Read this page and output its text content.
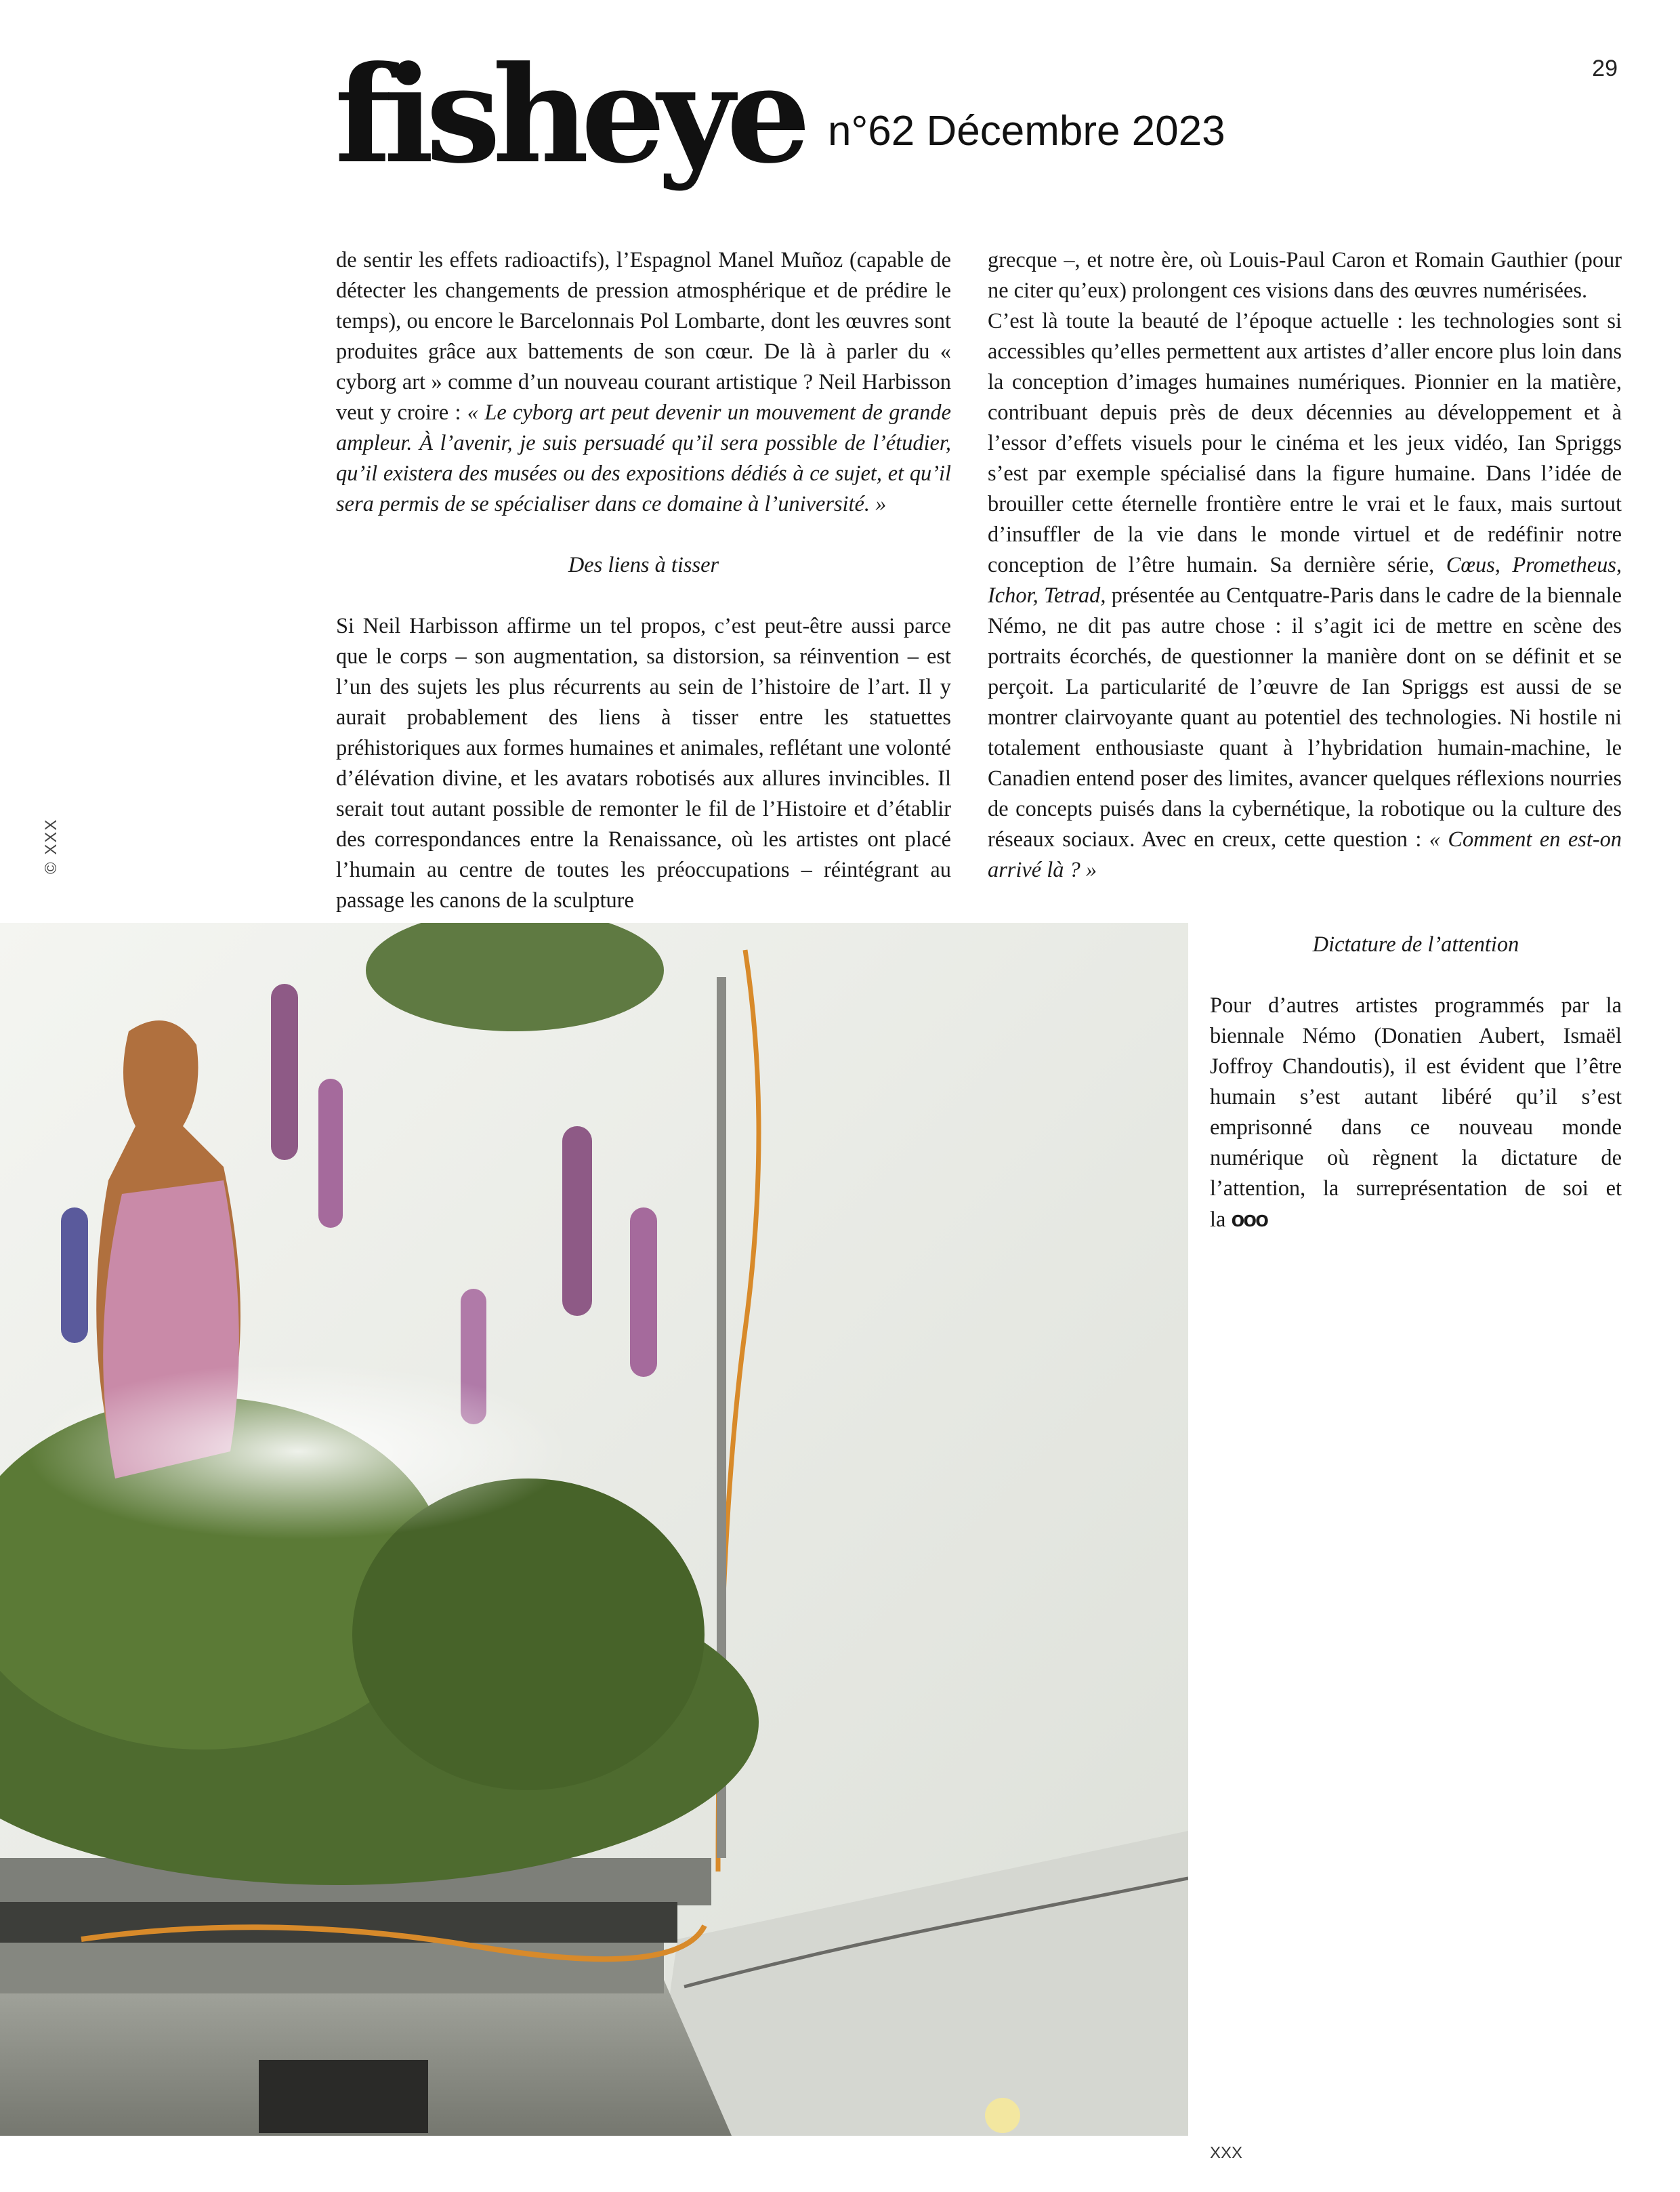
29
fisheye n°62 Décembre 2023

de sentir les effets radioactifs), l’Espagnol Manel Muñoz (capable de détecter les changements de pression atmosphérique et de prédire le temps), ou encore le Barcelonnais Pol Lombarte, dont les œuvres sont produites grâce aux battements de son cœur. De là à parler du « cyborg art » comme d’un nouveau courant artistique ? Neil Harbisson veut y croire : « Le cyborg art peut devenir un mouvement de grande ampleur. À l’avenir, je suis persuadé qu’il sera possible de l’étudier, qu’il existera des musées ou des expositions dédiés à ce sujet, et qu’il sera permis de se spécialiser dans ce domaine à l’université. »

Des liens à tisser

Si Neil Harbisson affirme un tel propos, c’est peut-être aussi parce que le corps – son augmentation, sa distorsion, sa réinvention – est l’un des sujets les plus récurrents au sein de l’histoire de l’art. Il y aurait probablement des liens à tisser entre les statuettes préhistoriques aux formes humaines et animales, reflétant une volonté d’élévation divine, et les avatars robotisés aux allures invincibles. Il serait tout autant possible de remonter le fil de l’Histoire et d’établir des correspondances entre la Renaissance, où les artistes ont placé l’humain au centre de toutes les préoccupations – réintégrant au passage les canons de la sculpture

grecque –, et notre ère, où Louis-Paul Caron et Romain Gauthier (pour ne citer qu’eux) prolongent ces visions dans des œuvres numérisées.

C’est là toute la beauté de l’époque actuelle : les technologies sont si accessibles qu’elles permettent aux artistes d’aller encore plus loin dans la conception d’images humaines numériques. Pionnier en la matière, contribuant depuis près de deux décennies au développement et à l’essor d’effets visuels pour le cinéma et les jeux vidéo, Ian Spriggs s’est par exemple spécialisé dans la figure humaine. Dans l’idée de brouiller cette éternelle frontière entre le vrai et le faux, mais surtout d’insuffler de la vie dans le monde virtuel et de redéfinir notre conception de l’être humain. Sa dernière série, Cœus, Prometheus, Ichor, Tetrad, présentée au Centquatre-Paris dans le cadre de la biennale Némo, ne dit pas autre chose : il s’agit ici de mettre en scène des portraits écorchés, de questionner la manière dont on se définit et se perçoit. La particularité de l’œuvre de Ian Spriggs est aussi de se montrer clairvoyante quant au potentiel des technologies. Ni hostile ni totalement enthousiaste quant à l’hybridation humain-machine, le Canadien entend poser des limites, avancer quelques réflexions nourries de concepts puisés dans la cybernétique, la robotique ou la culture des réseaux sociaux. Avec en creux, cette question : « Comment en est-on arrivé là ? »

Dictature de l’attention

Pour d’autres artistes programmés par la biennale Némo (Donatien Aubert, Ismaël Joffroy Chandoutis), il est évident que l’être humain s’est autant libéré qu’il s’est emprisonné dans ce nouveau monde numérique où règnent la dictature de l’attention, la surreprésentation de soi et la ooo

© XXX
XXX
